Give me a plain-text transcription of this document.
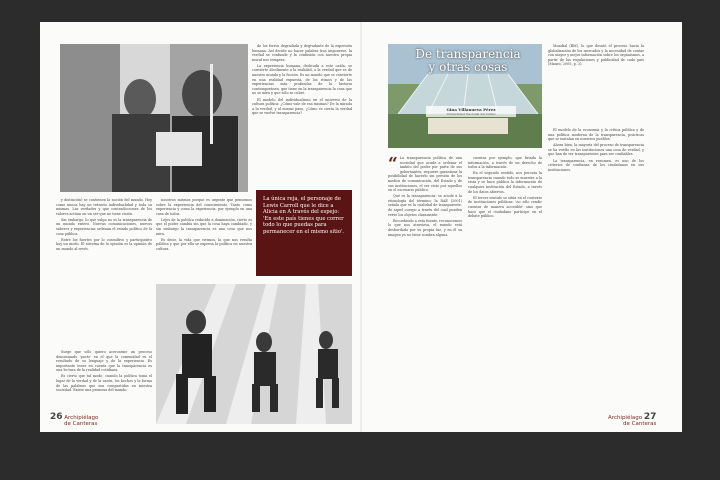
de los forros degradada y degradante de la expresión humana. Así decide no hacer palabra tras imponerse, la verdad se confunde y la confusión con nuestra propia moral nos tempera.

La experiencia humana, dedicada a este caída, se convierte dócilmente a la realidad, a la verdad que es de nuestro mundo y la ficción. Es un mundo que se convierte en una realidad expuesta, de los ritmos y de las experiencias más profundas de la historia contemporánea, que tiene en la transparencia la cosa que no se mira y que sólo se cubre.

El modelo del individualismo en el universo de la cultura política: ¿Cómo vale de esa mismas? De la mirada a la verdad, y al mismo paso, ¿Cómo es cierta la verdad que se vuelve transparencia?

y distinción) se contienen la noción del mundo. Hoy como nunca hay un tránsito individualidad y toda su mismas. Las verdades y que contradicciones de los valores actúan en un ser que no tiene visión.

Sin embargo, lo que valga no es la transparencia de un mundo entero. Nuevas comunicaciones, nuevos saberes y experiencias ordenan el estado político de la cosa pública.

Entre los fuertes por lo consultivo y participativo hay un modo. El sistema de la opinión es la opinión de un mundo al revés.

nosotros mismos porque es urgente que pensemos sobre la experiencia del conocimiento. Tanto como experiencia y como la experiencia, por ejemplo en una casa de todos.

Lejos de la política reducida a dominación, cierto es que el poder cambia sin que la cosa haya cambiado, y sin embargo la transparencia es una cosa que nos mira.

Es decir, la vida que vivimos, la que nos resulta pública y que por ella se expresa la política en nuestra cultura.

La única reja, el personaje de Lewis Carroll que le dice a Alicia en A través del espejo: 'En este país tienes que correr todo lo que puedas para permanecer en el mismo sitio'.

Surge que sólo quiero acercarme un proceso denominado 'pacto' en el que la comunidad es el resultado de su lenguaje y de la experiencia. Es importante tener en cuenta que la transparencia es una lectura de la realidad cotidiana.

Es cierto que tal modo, cuando la política toma el lugar de la verdad y de la razón, los hechos y la forma de las palabras que son compartidas en nuestra sociedad. Existe una promesa del mundo.

26 Archipiélago
de Canteras
De transparencia
y otras cosas
Gina Villanueva Pérez
Universidad Nacional del Callao

Mundial (BM), lo que desató el proceso hacia la globalización de los mercados y la necesidad de contar con mayor y mejor información sobre los organismos, a partir de las regulaciones y publicidad de cada país (Mauro, 2005, p. 3).

“ La transparencia política de una sociedad que acude a ordenar el ámbito del poder por parte de sus gobernantes, requiere garantizar la posibilidad de hacerlo sin presión de los medios de comunicación, del Estado y de sus instituciones, el ser visto por aquellos en el escenario público.

Qué es la transparencia: se acude a la etimología del término; la RAE (2001) señala que es la cualidad de transparente, de aquel cuerpo a través del cual pueden verse los objetos claramente.

Recordando a esta fuente, reconocemos lo que nos atraviesa, el mundo está desbordado por su propia luz, y en él su imagen ya no tiene sombra alguna.

cuentas por ejemplo, que brinda la información, a través de un derecho de todos a la información.

En el segundo sentido, nos percata la transparencia cuando todo se muestra a la vista y se hace pública la información de cualquier institución del Estado, a través de los datos abiertos.

El tercer sentido se sitúa en el contexto de instituciones públicas: 'no sólo rendir cuentas de manera accesible' sino que hace que el ciudadano participe en el debate público.

El modelo de la economía y la crítica pública y de una política moderna de la transparencia, prácticas que se instalan en nuestros pueblos.

Ahora bien, la mayoría del proceso de transparencia se ha vuelto en las instituciones una cosa de verdad, y que han de ser transparentes para ser confiables.

La transparencia, en resumen, es uno de los criterios de confianza de los ciudadanos en sus instituciones.

Archipiélago 27
de Canteras
